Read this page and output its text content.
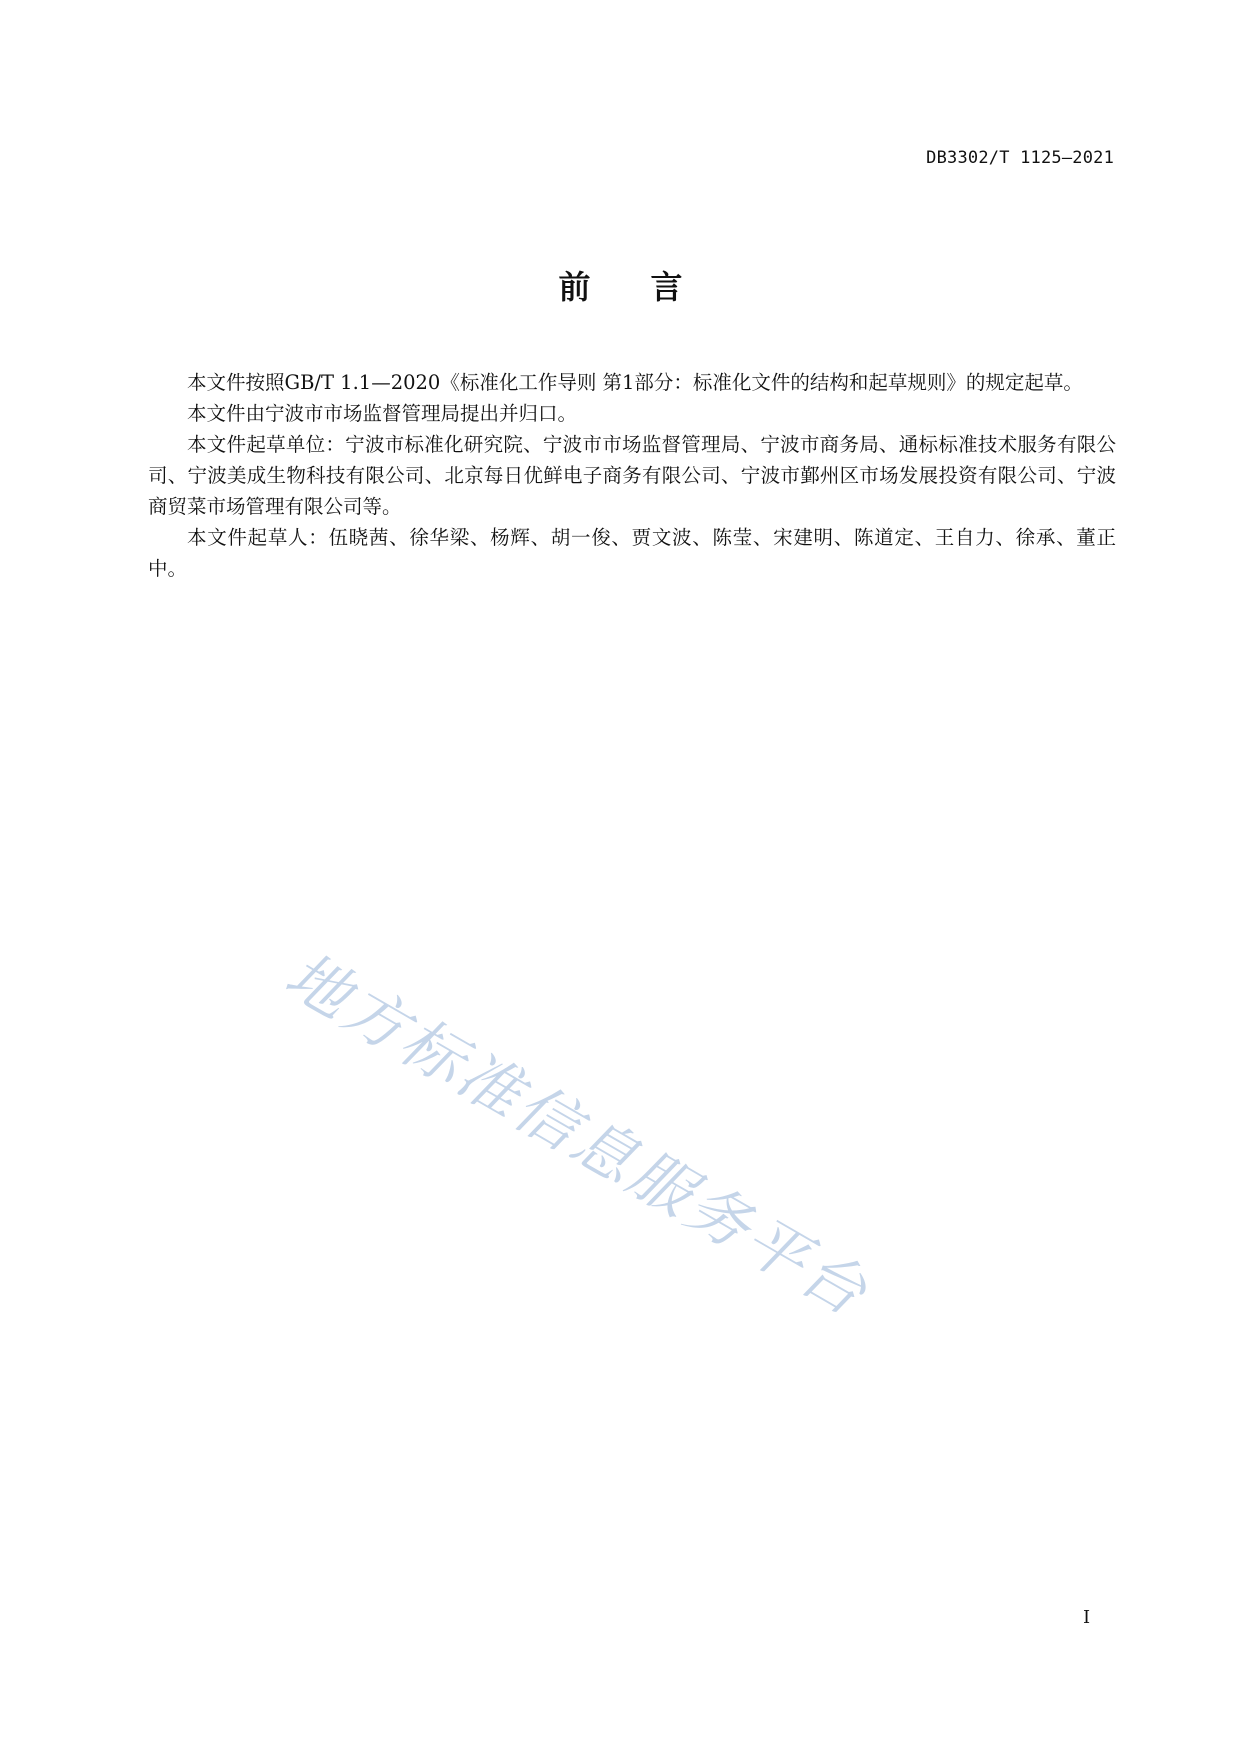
DB3302/T 1125—2021
前言

本文件按照GB/T 1.1—2020《标准化工作导则 第1部分：标准化文件的结构和起草规则》的规定起草。

本文件由宁波市市场监督管理局提出并归口。

本文件起草单位：宁波市标准化研究院、宁波市市场监督管理局、宁波市商务局、通标标准技术服务有限公司、宁波美成生物科技有限公司、北京每日优鲜电子商务有限公司、宁波市鄞州区市场发展投资有限公司、宁波商贸菜市场管理有限公司等。

本文件起草人：伍晓茜、徐华梁、杨辉、胡一俊、贾文波、陈莹、宋建明、陈道定、王自力、徐承、董正中。

地方标准信息服务平台
I
